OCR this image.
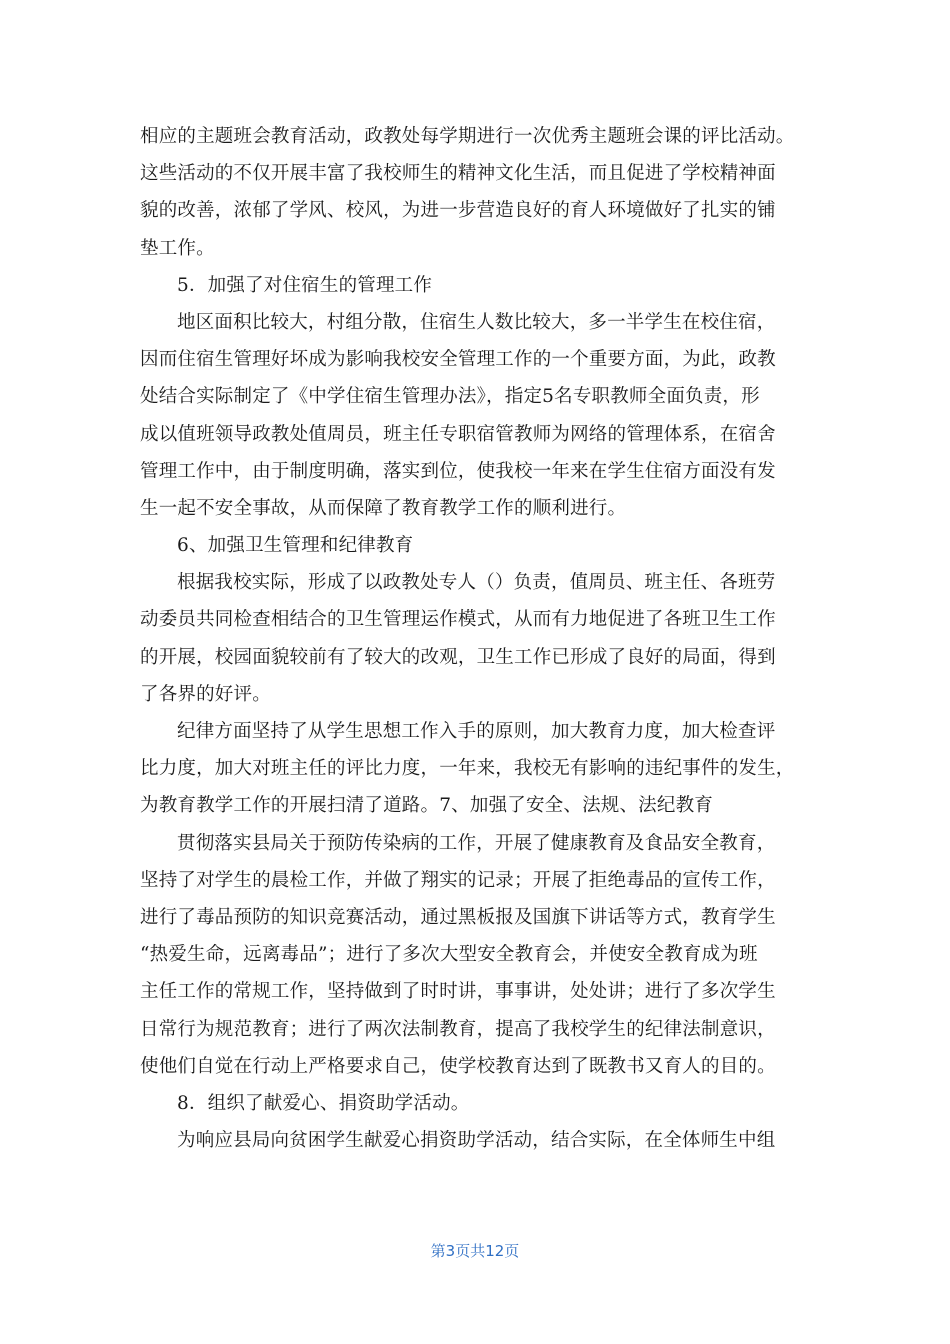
相应的主题班会教育活动，政教处每学期进行一次优秀主题班会课的评比活动。
这些活动的不仅开展丰富了我校师生的精神文化生活，而且促进了学校精神面
貌的改善，浓郁了学风、校风，为进一步营造良好的育人环境做好了扎实的铺
垫工作。
5．加强了对住宿生的管理工作
地区面积比较大，村组分散，住宿生人数比较大，多一半学生在校住宿，
因而住宿生管理好坏成为影响我校安全管理工作的一个重要方面，为此，政教
处结合实际制定了《中学住宿生管理办法》，指定5名专职教师全面负责，形
成以值班领导政教处值周员，班主任专职宿管教师为网络的管理体系，在宿舍
管理工作中，由于制度明确，落实到位，使我校一年来在学生住宿方面没有发
生一起不安全事故，从而保障了教育教学工作的顺利进行。
6、加强卫生管理和纪律教育
根据我校实际，形成了以政教处专人（）负责，值周员、班主任、各班劳
动委员共同检查相结合的卫生管理运作模式，从而有力地促进了各班卫生工作
的开展，校园面貌较前有了较大的改观，卫生工作已形成了良好的局面，得到
了各界的好评。
纪律方面坚持了从学生思想工作入手的原则，加大教育力度，加大检查评
比力度，加大对班主任的评比力度，一年来，我校无有影响的违纪事件的发生，
为教育教学工作的开展扫清了道路。7、加强了安全、法规、法纪教育
贯彻落实县局关于预防传染病的工作，开展了健康教育及食品安全教育，
坚持了对学生的晨检工作，并做了翔实的记录；开展了拒绝毒品的宣传工作，
进行了毒品预防的知识竞赛活动，通过黑板报及国旗下讲话等方式，教育学生
“热爱生命，远离毒品”；进行了多次大型安全教育会，并使安全教育成为班
主任工作的常规工作，坚持做到了时时讲，事事讲，处处讲；进行了多次学生
日常行为规范教育；进行了两次法制教育，提高了我校学生的纪律法制意识，
使他们自觉在行动上严格要求自己，使学校教育达到了既教书又育人的目的。
8．组织了献爱心、捐资助学活动。
为响应县局向贫困学生献爱心捐资助学活动，结合实际，在全体师生中组
第3页共12页
